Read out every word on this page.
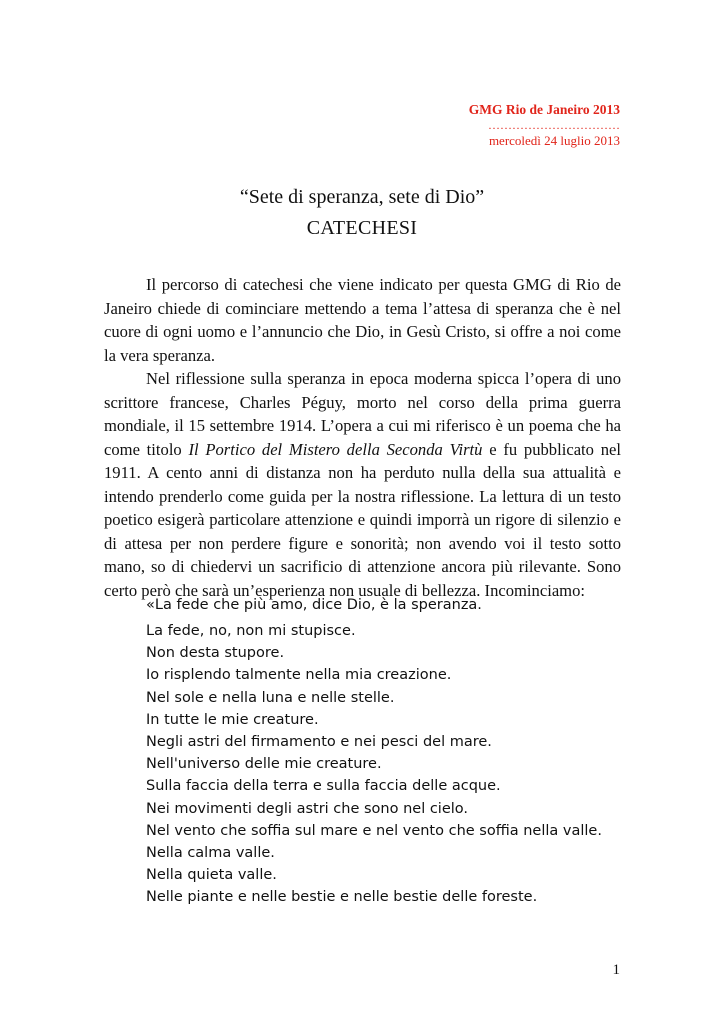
GMG Rio de Janeiro 2013
……………………………
mercoledì 24 luglio 2013
“Sete di speranza, sete di Dio”
CATECHESI

Il percorso di catechesi che viene indicato per questa GMG di Rio de Janeiro chiede di cominciare mettendo a tema l’attesa di speranza che è nel cuore di ogni uomo e l’annuncio che Dio, in Gesù Cristo, si offre a noi come la vera speranza.

Nel riflessione sulla speranza in epoca moderna spicca l’opera di uno scrittore francese, Charles Péguy, morto nel corso della prima guerra mondiale, il 15 settembre 1914. L’opera a cui mi riferisco è un poema che ha come titolo Il Portico del Mistero della Seconda Virtù e fu pubblicato nel 1911. A cento anni di distanza non ha perduto nulla della sua attualità e intendo prenderlo come guida per la nostra riflessione. La lettura di un testo poetico esigerà particolare attenzione e quindi imporrà un rigore di silenzio e di attesa per non perdere figure e sonorità; non avendo voi il testo sotto mano, so di chiedervi un sacrificio di attenzione ancora più rilevante. Sono certo però che sarà un’esperienza non usuale di bellezza. Incominciamo:

«La fede che più amo, dice Dio, è la speranza.
La fede, no, non mi stupisce.
Non desta stupore.
Io risplendo talmente nella mia creazione.
Nel sole e nella luna e nelle stelle.
In tutte le mie creature.
Negli astri del firmamento e nei pesci del mare.
Nell'universo delle mie creature.
Sulla faccia della terra e sulla faccia delle acque.
Nei movimenti degli astri che sono nel cielo.
Nel vento che soffia sul mare e nel vento che soffia nella valle.
Nella calma valle.
Nella quieta valle.
Nelle piante e nelle bestie e nelle bestie delle foreste.
1
